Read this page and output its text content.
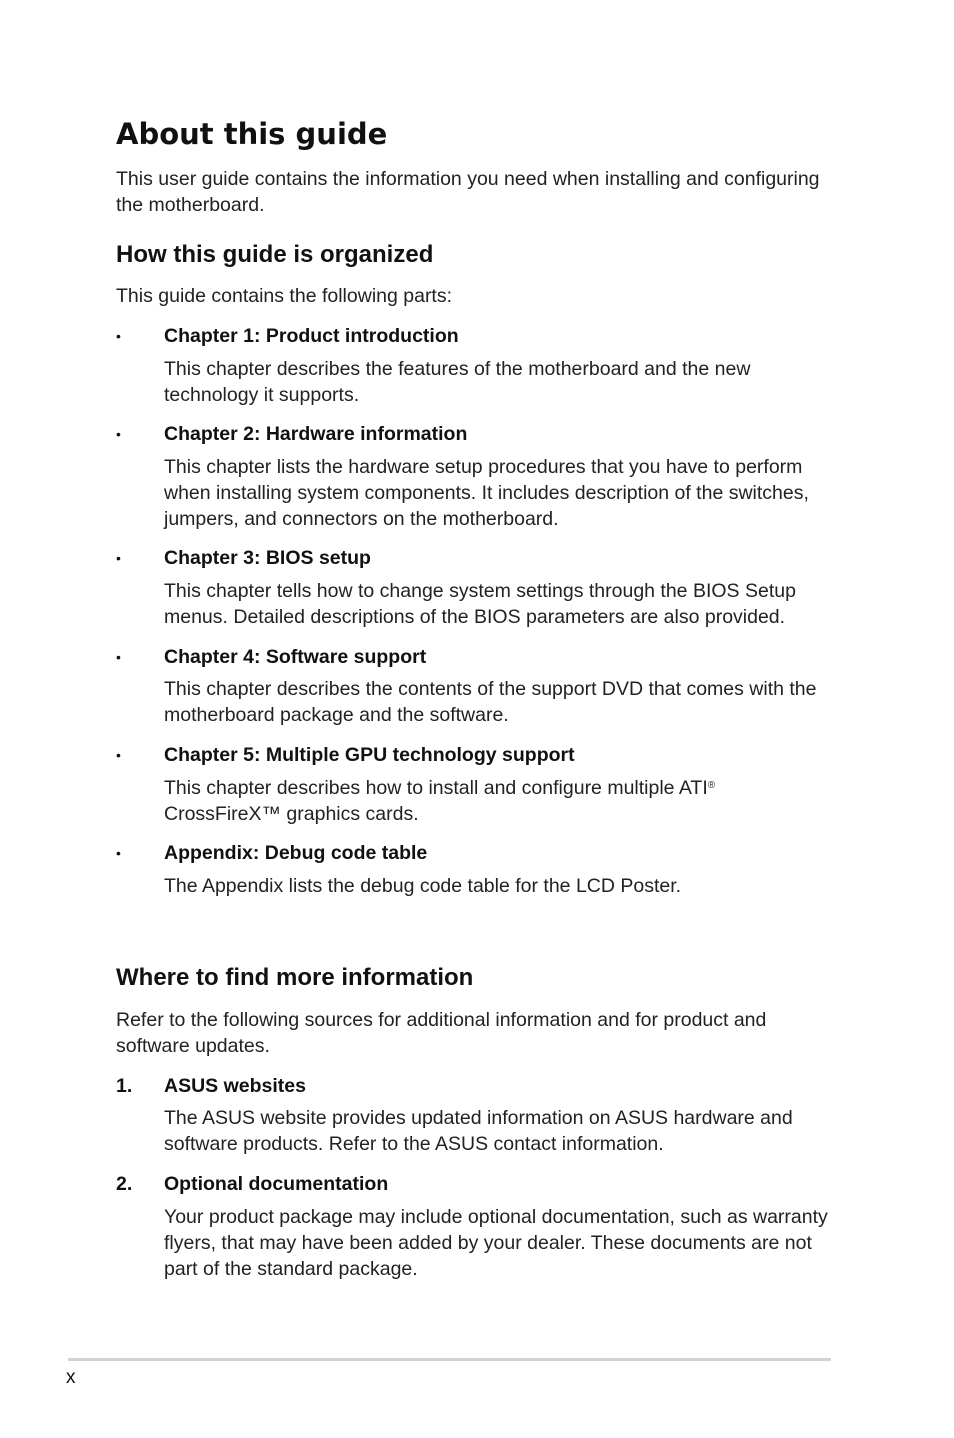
About this guide

This user guide contains the information you need when installing and configuring the motherboard.

How this guide is organized

This guide contains the following parts:

•	Chapter 1: Product introduction

This chapter describes the features of the motherboard and the new technology it supports.

•	Chapter 2: Hardware information

This chapter lists the hardware setup procedures that you have to perform when installing system components. It includes description of the switches, jumpers, and connectors on the motherboard.

•	Chapter 3: BIOS setup

This chapter tells how to change system settings through the BIOS Setup menus. Detailed descriptions of the BIOS parameters are also provided.

•	Chapter 4: Software support

This chapter describes the contents of the support DVD that comes with the motherboard package and the software.

•	Chapter 5: Multiple GPU technology support

This chapter describes how to install and configure multiple ATI®
CrossFireX™ graphics cards.

•	Appendix: Debug code table

The Appendix lists the debug code table for the LCD Poster.

Where to find more information

Refer to the following sources for additional information and for product and software updates.

1.	ASUS websites

The ASUS website provides updated information on ASUS hardware and software products. Refer to the ASUS contact information.

2.	Optional documentation

Your product package may include optional documentation, such as warranty flyers, that may have been added by your dealer. These documents are not part of the standard package.

x
